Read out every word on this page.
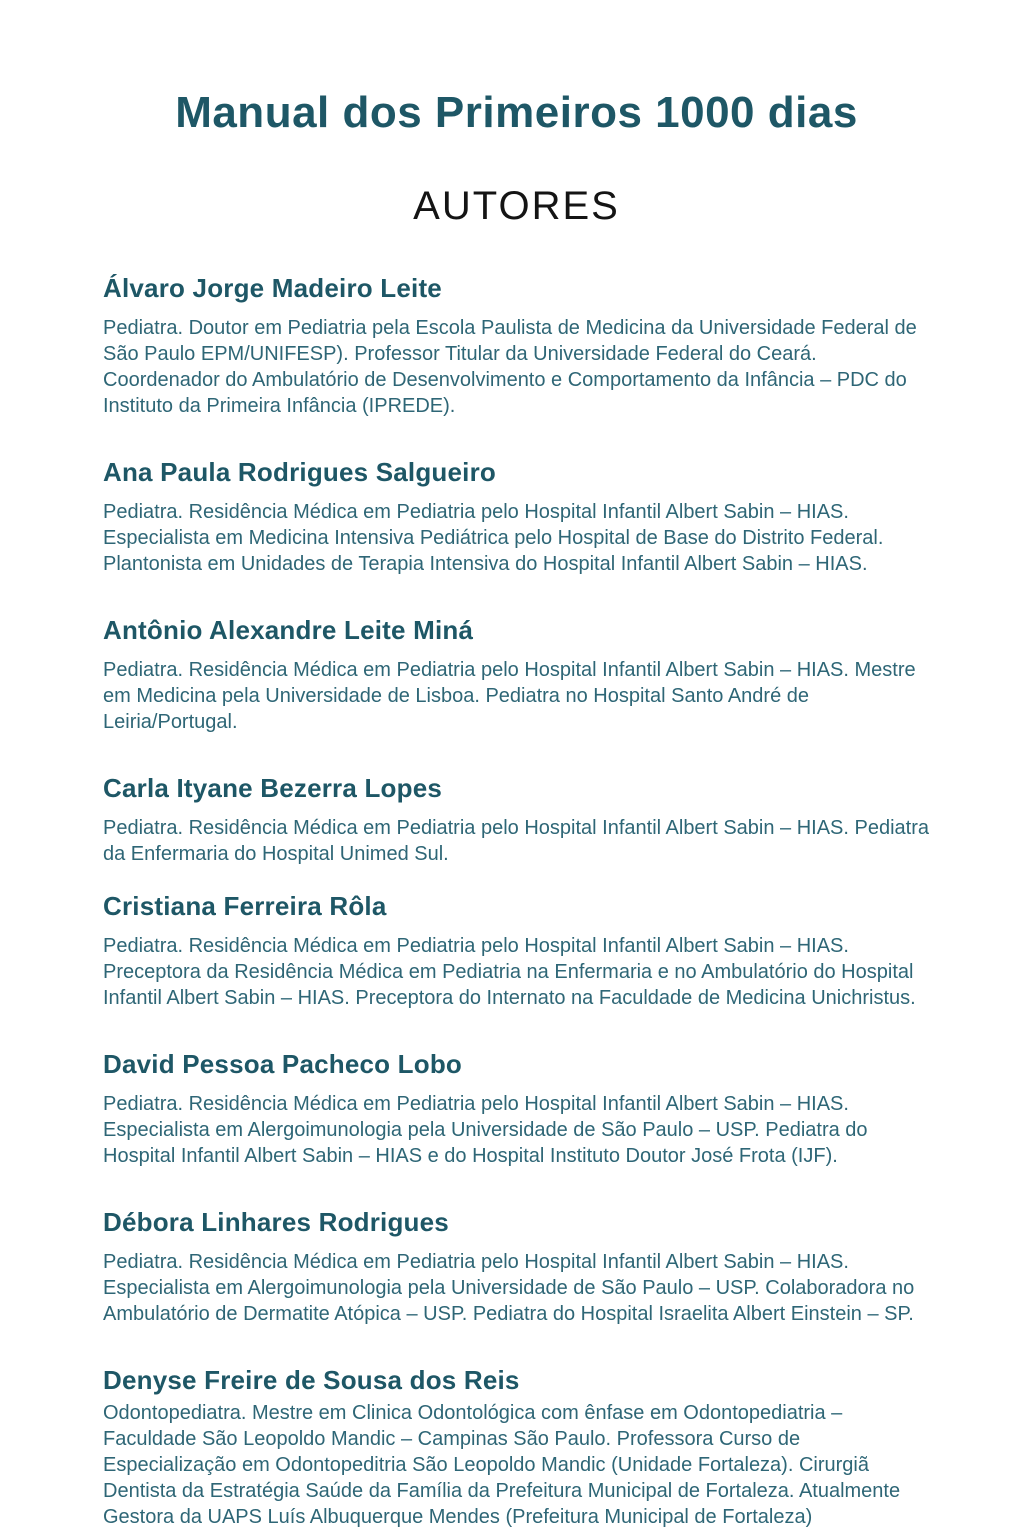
Manual dos Primeiros 1000 dias
AUTORES
Álvaro Jorge Madeiro Leite

Pediatra. Doutor em Pediatria pela Escola Paulista de Medicina da Universidade Federal de São Paulo EPM/UNIFESP). Professor Titular da Universidade Federal do Ceará. Coordenador do Ambulatório de Desenvolvimento e Comportamento da Infância – PDC do Instituto da Primeira Infância (IPREDE).

Ana Paula Rodrigues Salgueiro

Pediatra. Residência Médica em Pediatria pelo Hospital Infantil Albert Sabin – HIAS. Especialista em Medicina Intensiva Pediátrica pelo Hospital de Base do Distrito Federal. Plantonista em Unidades de Terapia Intensiva do Hospital Infantil Albert Sabin – HIAS.

Antônio Alexandre Leite Miná

Pediatra. Residência Médica em Pediatria pelo Hospital Infantil Albert Sabin – HIAS. Mestre em Medicina pela Universidade de Lisboa. Pediatra no Hospital Santo André de Leiria/Portugal.

Carla Ityane Bezerra Lopes

Pediatra. Residência Médica em Pediatria pelo Hospital Infantil Albert Sabin – HIAS. Pediatra da Enfermaria do Hospital Unimed Sul.

Cristiana Ferreira Rôla

Pediatra. Residência Médica em Pediatria pelo Hospital Infantil Albert Sabin – HIAS. Preceptora da Residência Médica em Pediatria na Enfermaria e no Ambulatório do Hospital Infantil Albert Sabin – HIAS. Preceptora do Internato na Faculdade de Medicina Unichristus.

David Pessoa Pacheco Lobo

Pediatra. Residência Médica em Pediatria pelo Hospital Infantil Albert Sabin – HIAS. Especialista em Alergoimunologia pela Universidade de São Paulo – USP. Pediatra do Hospital Infantil Albert Sabin – HIAS e do Hospital Instituto Doutor José Frota (IJF).

Débora Linhares Rodrigues

Pediatra. Residência Médica em Pediatria pelo Hospital Infantil Albert Sabin – HIAS. Especialista em Alergoimunologia pela Universidade de São Paulo – USP. Colaboradora no Ambulatório de Dermatite Atópica – USP. Pediatra do Hospital Israelita Albert Einstein – SP.

Denyse Freire de Sousa dos Reis

Odontopediatra. Mestre em Clinica Odontológica com ênfase em Odontopediatria – Faculdade São Leopoldo Mandic – Campinas São Paulo. Professora Curso de Especialização em Odontopeditria São Leopoldo Mandic (Unidade Fortaleza). Cirurgiã Dentista da Estratégia Saúde da Família da Prefeitura Municipal de Fortaleza. Atualmente Gestora da UAPS Luís Albuquerque Mendes (Prefeitura Municipal de Fortaleza)
